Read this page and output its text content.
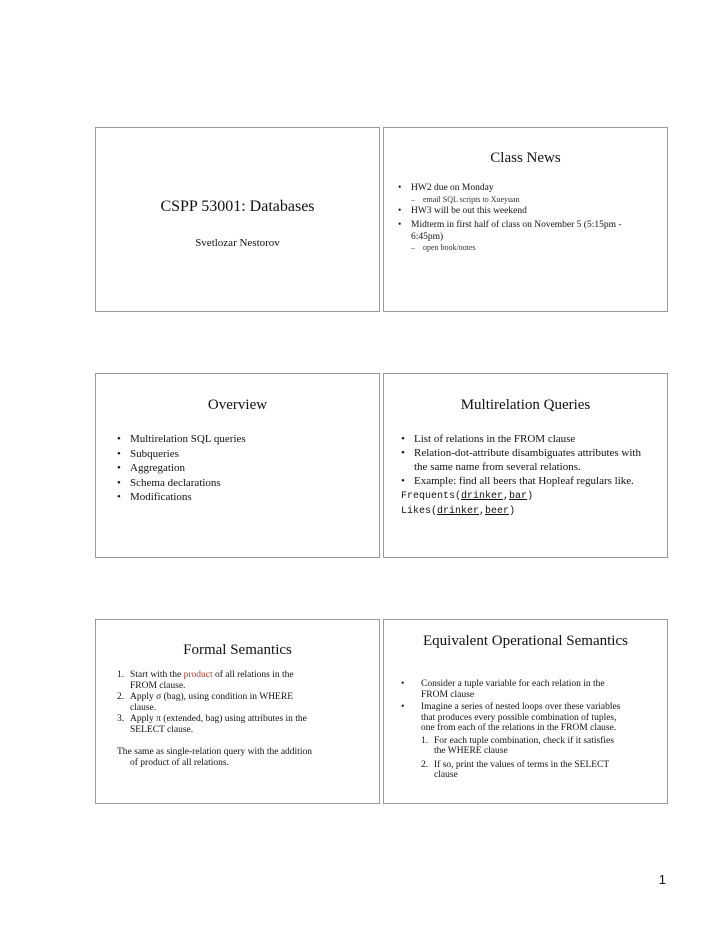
CSPP 53001: Databases
Svetlozar Nestorov
Class News
• HW2 due on Monday
– email SQL scripts to Xueyuan
• HW3 will be out this weekend
• Midterm in first half of class on November 5 (5:15pm - 6:45pm)
– open book/notes
Overview
• Multirelation SQL queries
• Subqueries
• Aggregation
• Schema declarations
• Modifications
Multirelation Queries
• List of relations in the FROM clause
• Relation-dot-attribute disambiguates attributes with the same name from several relations.
• Example: find all beers that Hopleaf regulars like.
Frequents(drinker,bar)
Likes(drinker,beer)
Formal Semantics
1. Start with the product of all relations in the FROM clause.
2. Apply σ (bag), using condition in WHERE clause.
3. Apply π (extended, bag) using attributes in the SELECT clause.
The same as single-relation query with the addition of product of all relations.
Equivalent Operational Semantics
• Consider a tuple variable for each relation in the FROM clause
• Imagine a series of nested loops over these variables that produces every possible combination of tuples, one from each of the relations in the FROM clause.
1. For each tuple combination, check if it satisfies the WHERE clause
2. If so, print the values of terms in the SELECT clause
1
